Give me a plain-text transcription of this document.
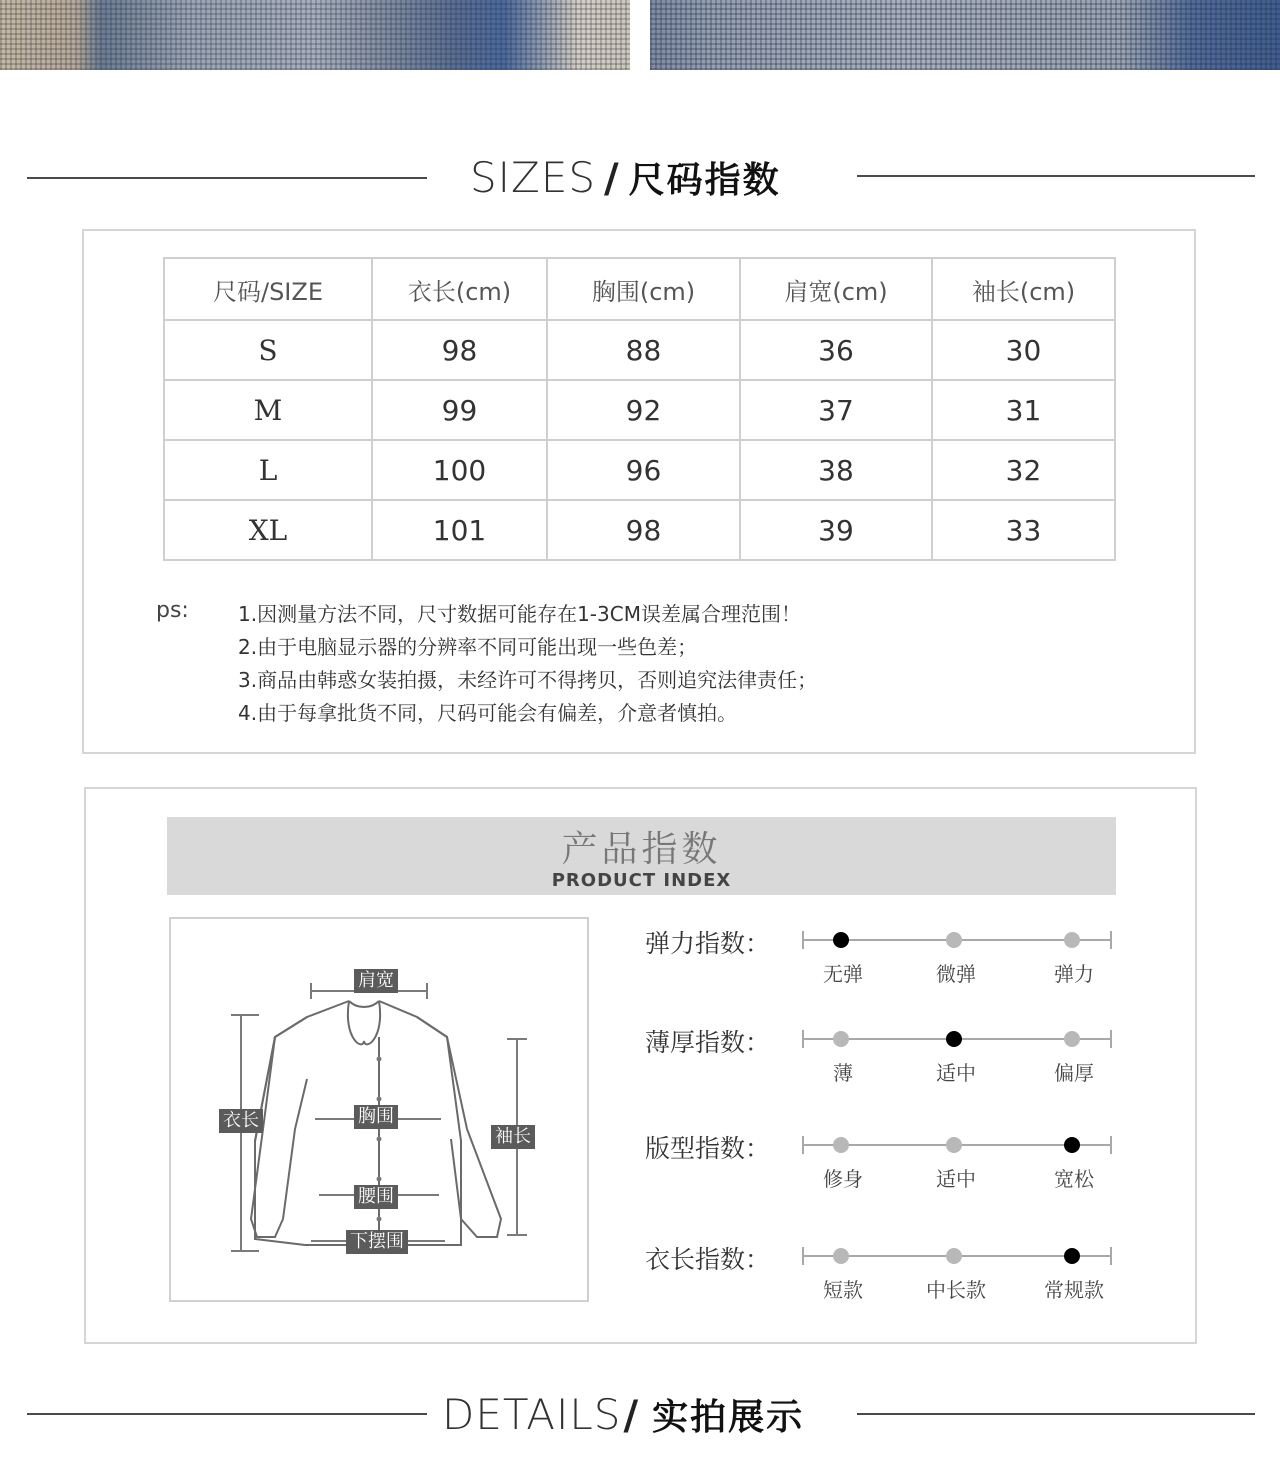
SIZES / 尺码指数
尺码/SIZE	衣长(cm)	胸围(cm)	肩宽(cm)	袖长(cm)
S	98	88	36	30
M	99	92	37	31
L	100	96	38	32
XL	101	98	39	33
ps: 1.因测量方法不同，尺寸数据可能存在1-3CM误差属合理范围！
2.由于电脑显示器的分辨率不同可能出现一些色差；
3.商品由韩惑女装拍摄，未经许可不得拷贝，否则追究法律责任；
4.由于每拿批货不同，尺码可能会有偏差，介意者慎拍。
产品指数
PRODUCT INDEX
肩宽
衣长	胸围
袖长
腰围
下摆围
弹力指数：
无弹	微弹	弹力
薄厚指数：
薄	适中	偏厚
版型指数：
修身	适中	宽松
衣长指数：
短款	中长款	常规款
DETAILS / 实拍展示
